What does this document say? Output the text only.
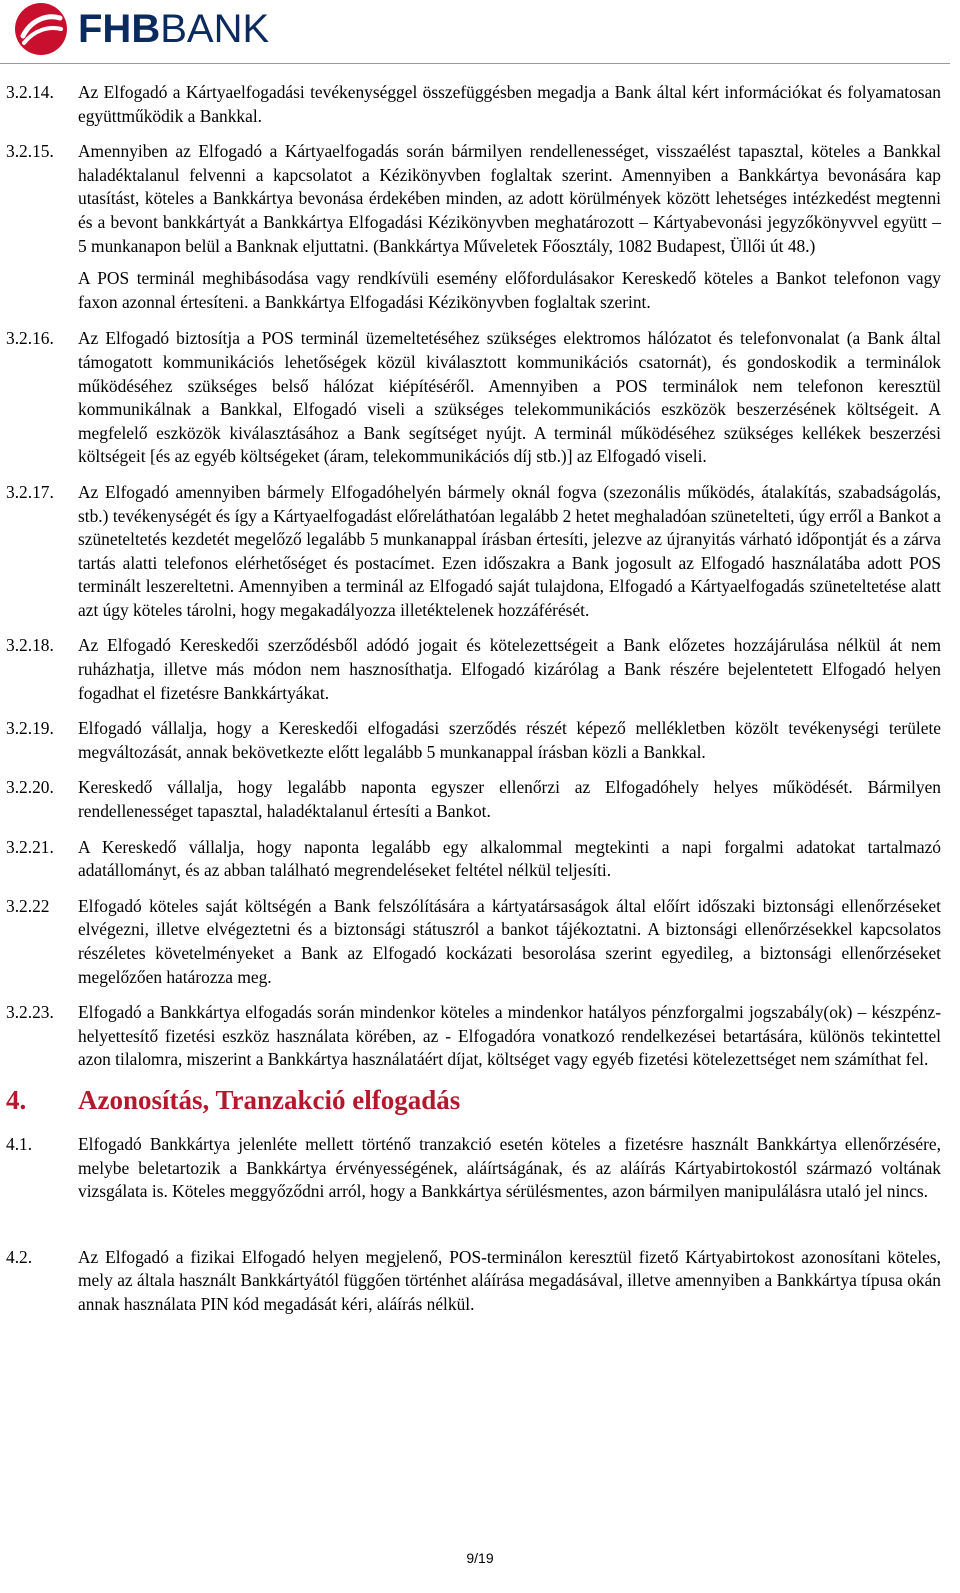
FHBBANK
3.2.14.	Az Elfogadó a Kártyaelfogadási tevékenységgel összefüggésben megadja a Bank által kért információkat és folyamatosan együttműködik a Bankkal.
3.2.15.	Amennyiben az Elfogadó a Kártyaelfogadás során bármilyen rendellenességet, visszaélést tapasztal, köteles a Bankkal haladéktalanul felvenni a kapcsolatot a Kézikönyvben foglaltak szerint. Amennyiben a Bankkártya bevonására kap utasítást, köteles a Bankkártya bevonása érdekében minden, az adott körülmények között lehetséges intézkedést megtenni és a bevont bankkártyát a Bankkártya Elfogadási Kézikönyvben meghatározott – Kártyabevonási jegyzőkönyvvel együtt – 5 munkanapon belül a Banknak eljuttatni. (Bankkártya Műveletek Főosztály, 1082 Budapest, Üllői út 48.)
A POS terminál meghibásodása vagy rendkívüli esemény előfordulásakor Kereskedő köteles a Bankot telefonon vagy faxon azonnal értesíteni. a Bankkártya Elfogadási Kézikönyvben foglaltak szerint.
3.2.16.	Az Elfogadó biztosítja a POS terminál üzemeltetéséhez szükséges elektromos hálózatot és telefonvonalat (a Bank által támogatott kommunikációs lehetőségek közül kiválasztott kommunikációs csatornát), és gondoskodik a terminálok működéséhez szükséges belső hálózat kiépítéséről. Amennyiben a POS terminálok nem telefonon keresztül kommunikálnak a Bankkal, Elfogadó viseli a szükséges telekommunikációs eszközök beszerzésének költségeit. A megfelelő eszközök kiválasztásához a Bank segítséget nyújt. A terminál működéséhez szükséges kellékek beszerzési költségeit [és az egyéb költségeket (áram, telekommunikációs díj stb.)] az Elfogadó viseli.
3.2.17.	Az Elfogadó amennyiben bármely Elfogadóhelyén bármely oknál fogva (szezonális működés, átalakítás, szabadságolás, stb.) tevékenységét és így a Kártyaelfogadást előreláthatóan legalább 2 hetet meghaladóan szünetelteti, úgy erről a Bankot a szüneteltetés kezdetét megelőző legalább 5 munkanappal írásban értesíti, jelezve az újranyitás várható időpontját és a zárva tartás alatti telefonos elérhetőséget és postacímet. Ezen időszakra a Bank jogosult az Elfogadó használatába adott POS terminált leszereltetni. Amennyiben a terminál az Elfogadó saját tulajdona, Elfogadó a Kártyaelfogadás szüneteltetése alatt azt úgy köteles tárolni, hogy megakadályozza illetéktelenek hozzáférését.
3.2.18.	Az Elfogadó Kereskedői szerződésből adódó jogait és kötelezettségeit a Bank előzetes hozzájárulása nélkül át nem ruházhatja, illetve más módon nem hasznosíthatja. Elfogadó kizárólag a Bank részére bejelentetett Elfogadó helyen fogadhat el fizetésre Bankkártyákat.
3.2.19.	Elfogadó vállalja, hogy a Kereskedői elfogadási szerződés részét képező mellékletben közölt tevékenységi területe megváltozását, annak bekövetkezte előtt legalább 5 munkanappal írásban közli a Bankkal.
3.2.20.	Kereskedő vállalja, hogy legalább naponta egyszer ellenőrzi az Elfogadóhely helyes működését. Bármilyen rendellenességet tapasztal, haladéktalanul értesíti a Bankot.
3.2.21.	A Kereskedő vállalja, hogy naponta legalább egy alkalommal megtekinti a napi forgalmi adatokat tartalmazó adatállományt, és az abban található megrendeléseket feltétel nélkül teljesíti.
3.2.22	Elfogadó köteles saját költségén a Bank felszólítására a kártyatársaságok által előírt időszaki biztonsági ellenőrzéseket elvégezni, illetve elvégeztetni és a biztonsági státuszról a bankot tájékoztatni. A biztonsági ellenőrzésekkel kapcsolatos részéletes követelményeket a Bank az Elfogadó kockázati besorolása szerint egyedileg, a biztonsági ellenőrzéseket megelőzően határozza meg.
3.2.23.	Elfogadó a Bankkártya elfogadás során mindenkor köteles a mindenkor hatályos pénzforgalmi jogszabály(ok) – készpénz-helyettesítő fizetési eszköz használata körében, az - Elfogadóra vonatkozó rendelkezései betartására, különös tekintettel azon tilalomra, miszerint a Bankkártya használatáért díjat, költséget vagy egyéb fizetési kötelezettséget nem számíthat fel.
4.	Azonosítás, Tranzakció elfogadás
4.1.	Elfogadó Bankkártya jelenléte mellett történő tranzakció esetén köteles a fizetésre használt Bankkártya ellenőrzésére, melybe beletartozik a Bankkártya érvényességének, aláírtságának, és az aláírás Kártyabirtokostól származó voltának vizsgálata is. Köteles meggyőződni arról, hogy a Bankkártya sérülésmentes, azon bármilyen manipulálásra utaló jel nincs.
4.2.	Az Elfogadó a fizikai Elfogadó helyen megjelenő, POS-terminálon keresztül fizető Kártyabirtokost azonosítani köteles, mely az általa használt Bankkártyától függően történhet aláírása megadásával, illetve amennyiben a Bankkártya típusa okán annak használata PIN kód megadását kéri, aláírás nélkül.
9/19
